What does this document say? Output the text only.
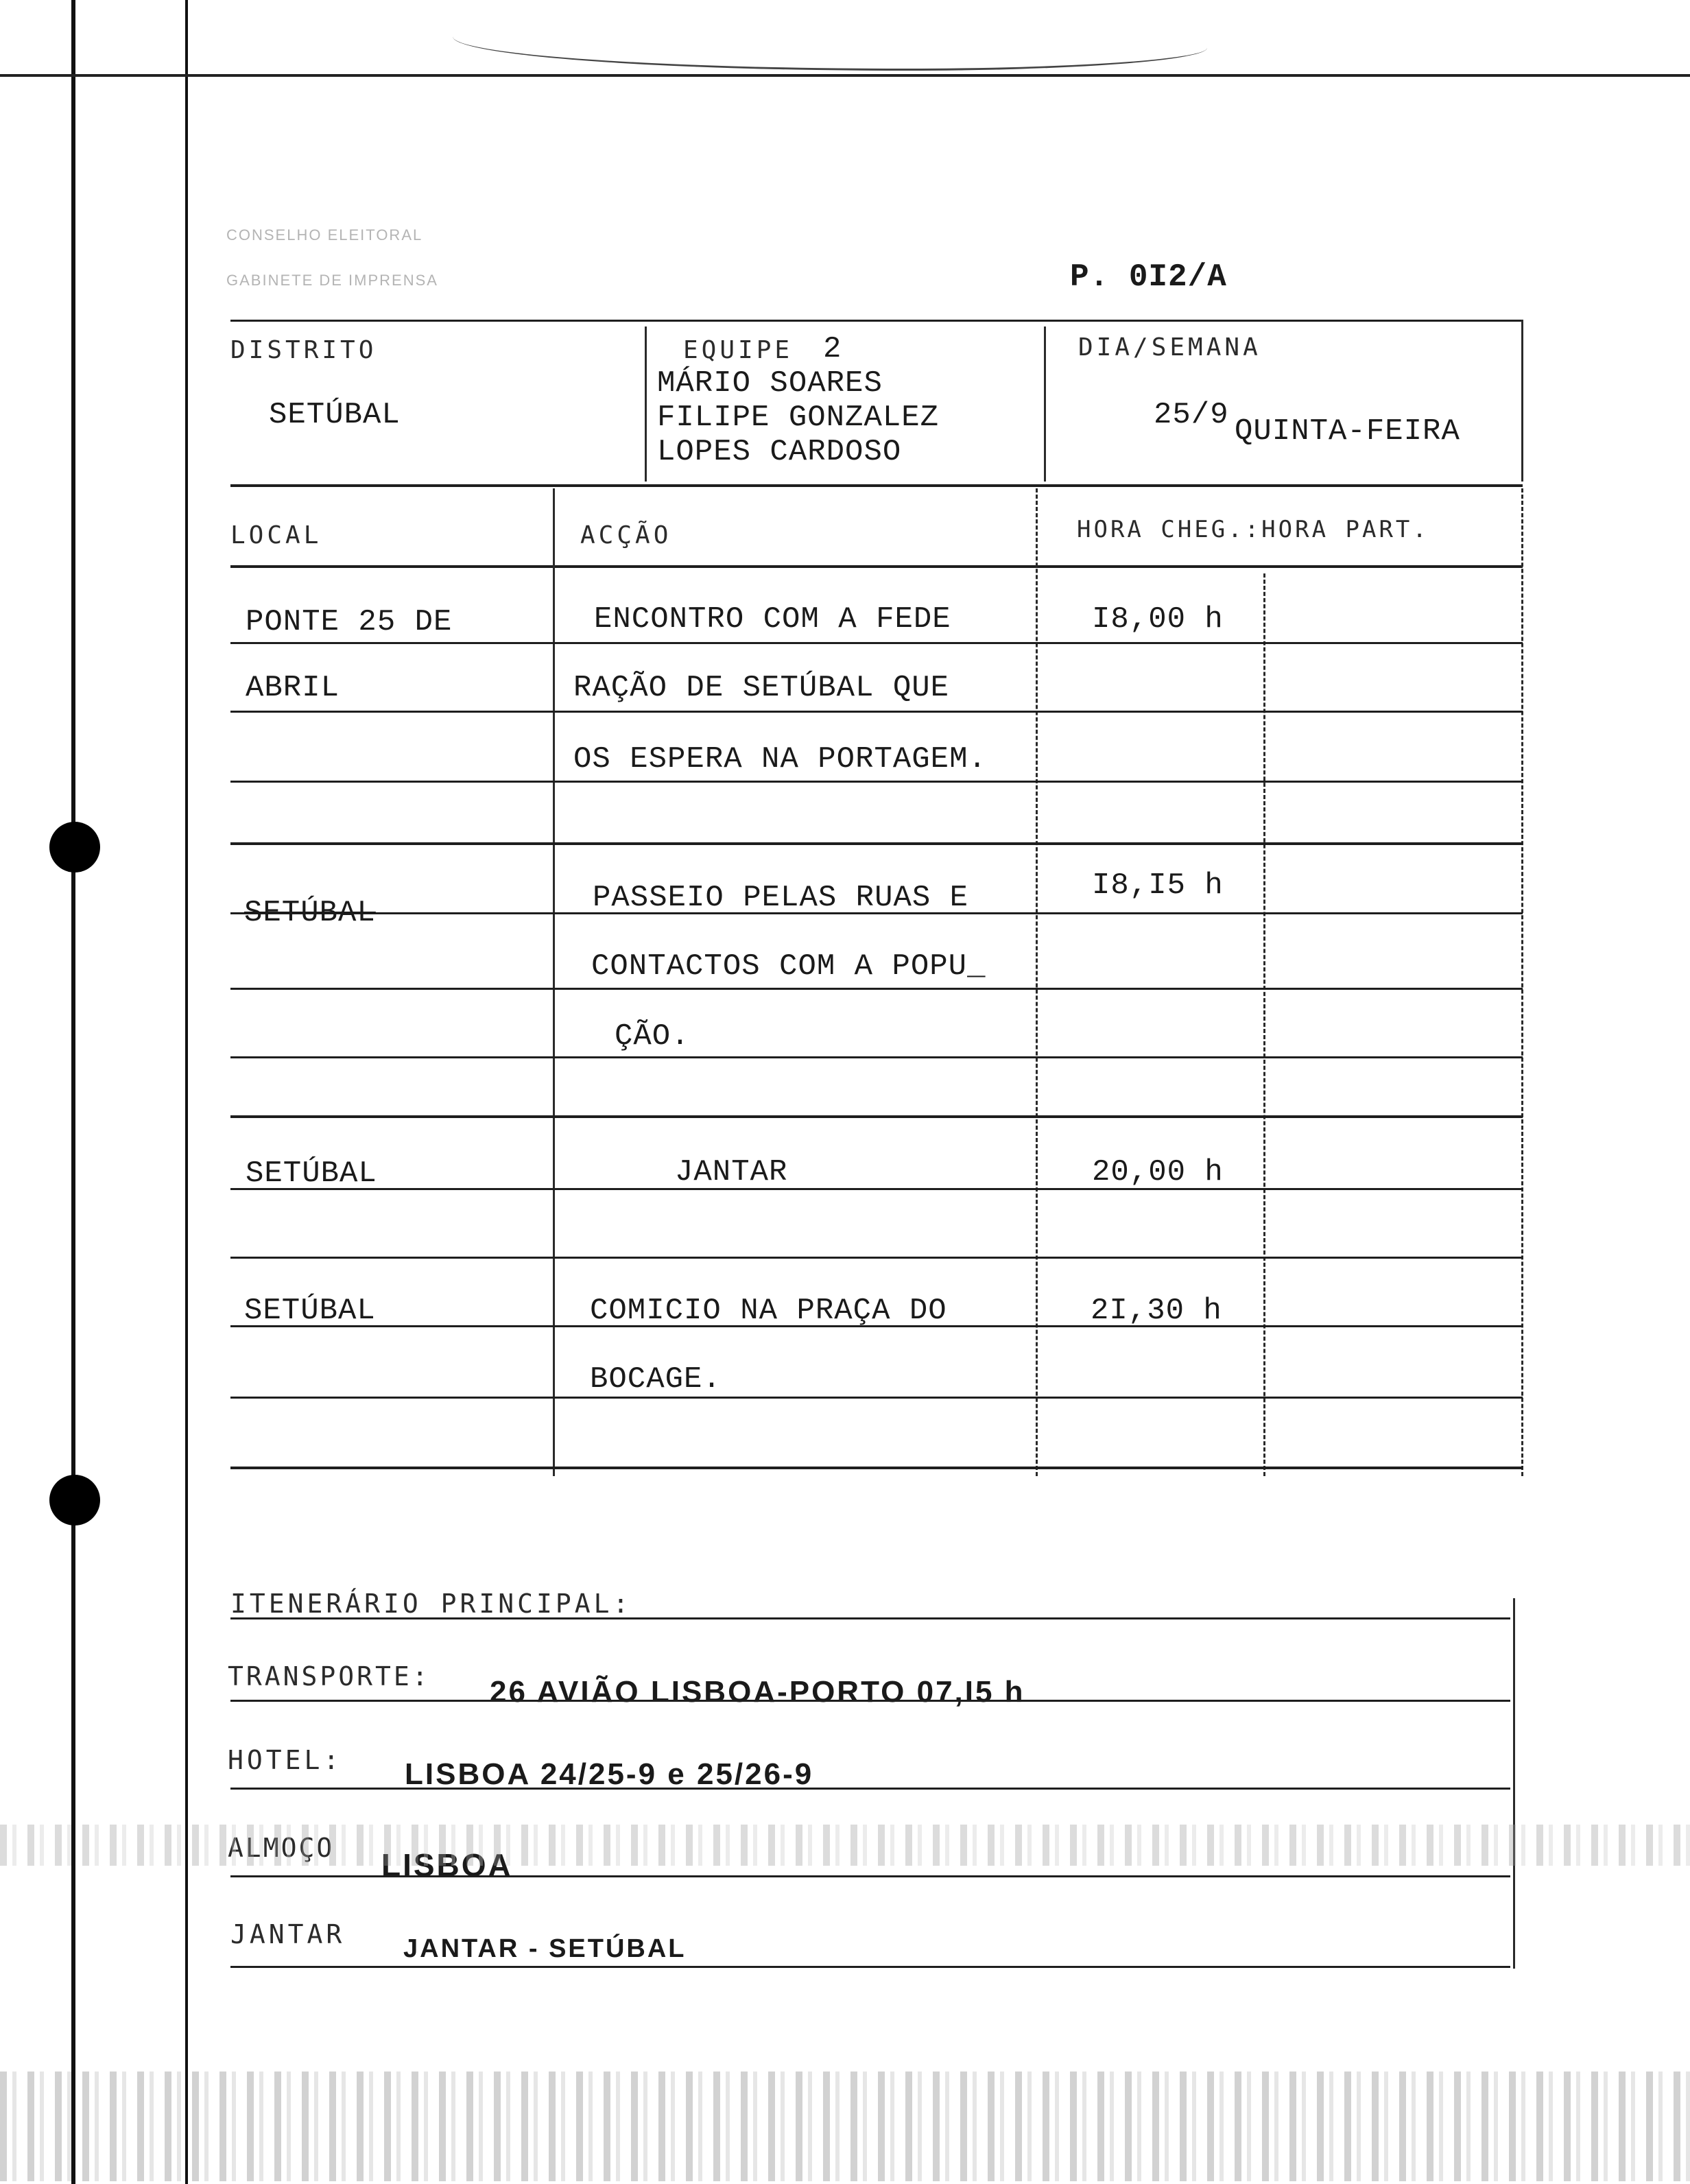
CONSELHO ELEITORAL
GABINETE DE IMPRENSA	P. 0I2/A
DISTRITO
SETÚBAL
EQUIPE 2
MÁRIO SOARES
FILIPE GONZALEZ
LOPES CARDOSO
DIA/SEMANA
25/9 QUINTA-FEIRA
LOCAL	ACÇÃO	HORA CHEG.:HORA PART.
PONTE 25 DE	ENCONTRO COM A FEDE	I8,00 h
ABRIL	RAÇÃO DE SETÚBAL QUE
OS ESPERA NA PORTAGEM.
SETÚBAL	PASSEIO PELAS RUAS E	I8,I5 h
CONTACTOS COM A POPU_
ÇÃO.
SETÚBAL	JANTAR	20,00 h
SETÚBAL	COMICIO NA PRAÇA DO	2I,30 h
BOCAGE.
ITENERÁRIO PRINCIPAL:
TRANSPORTE: 26 AVIÃO LISBOA-PORTO 07,I5 h
HOTEL: LISBOA 24/25-9 e 25/26-9
ALMOÇO LISBOA
JANTAR JANTAR - SETÚBAL
